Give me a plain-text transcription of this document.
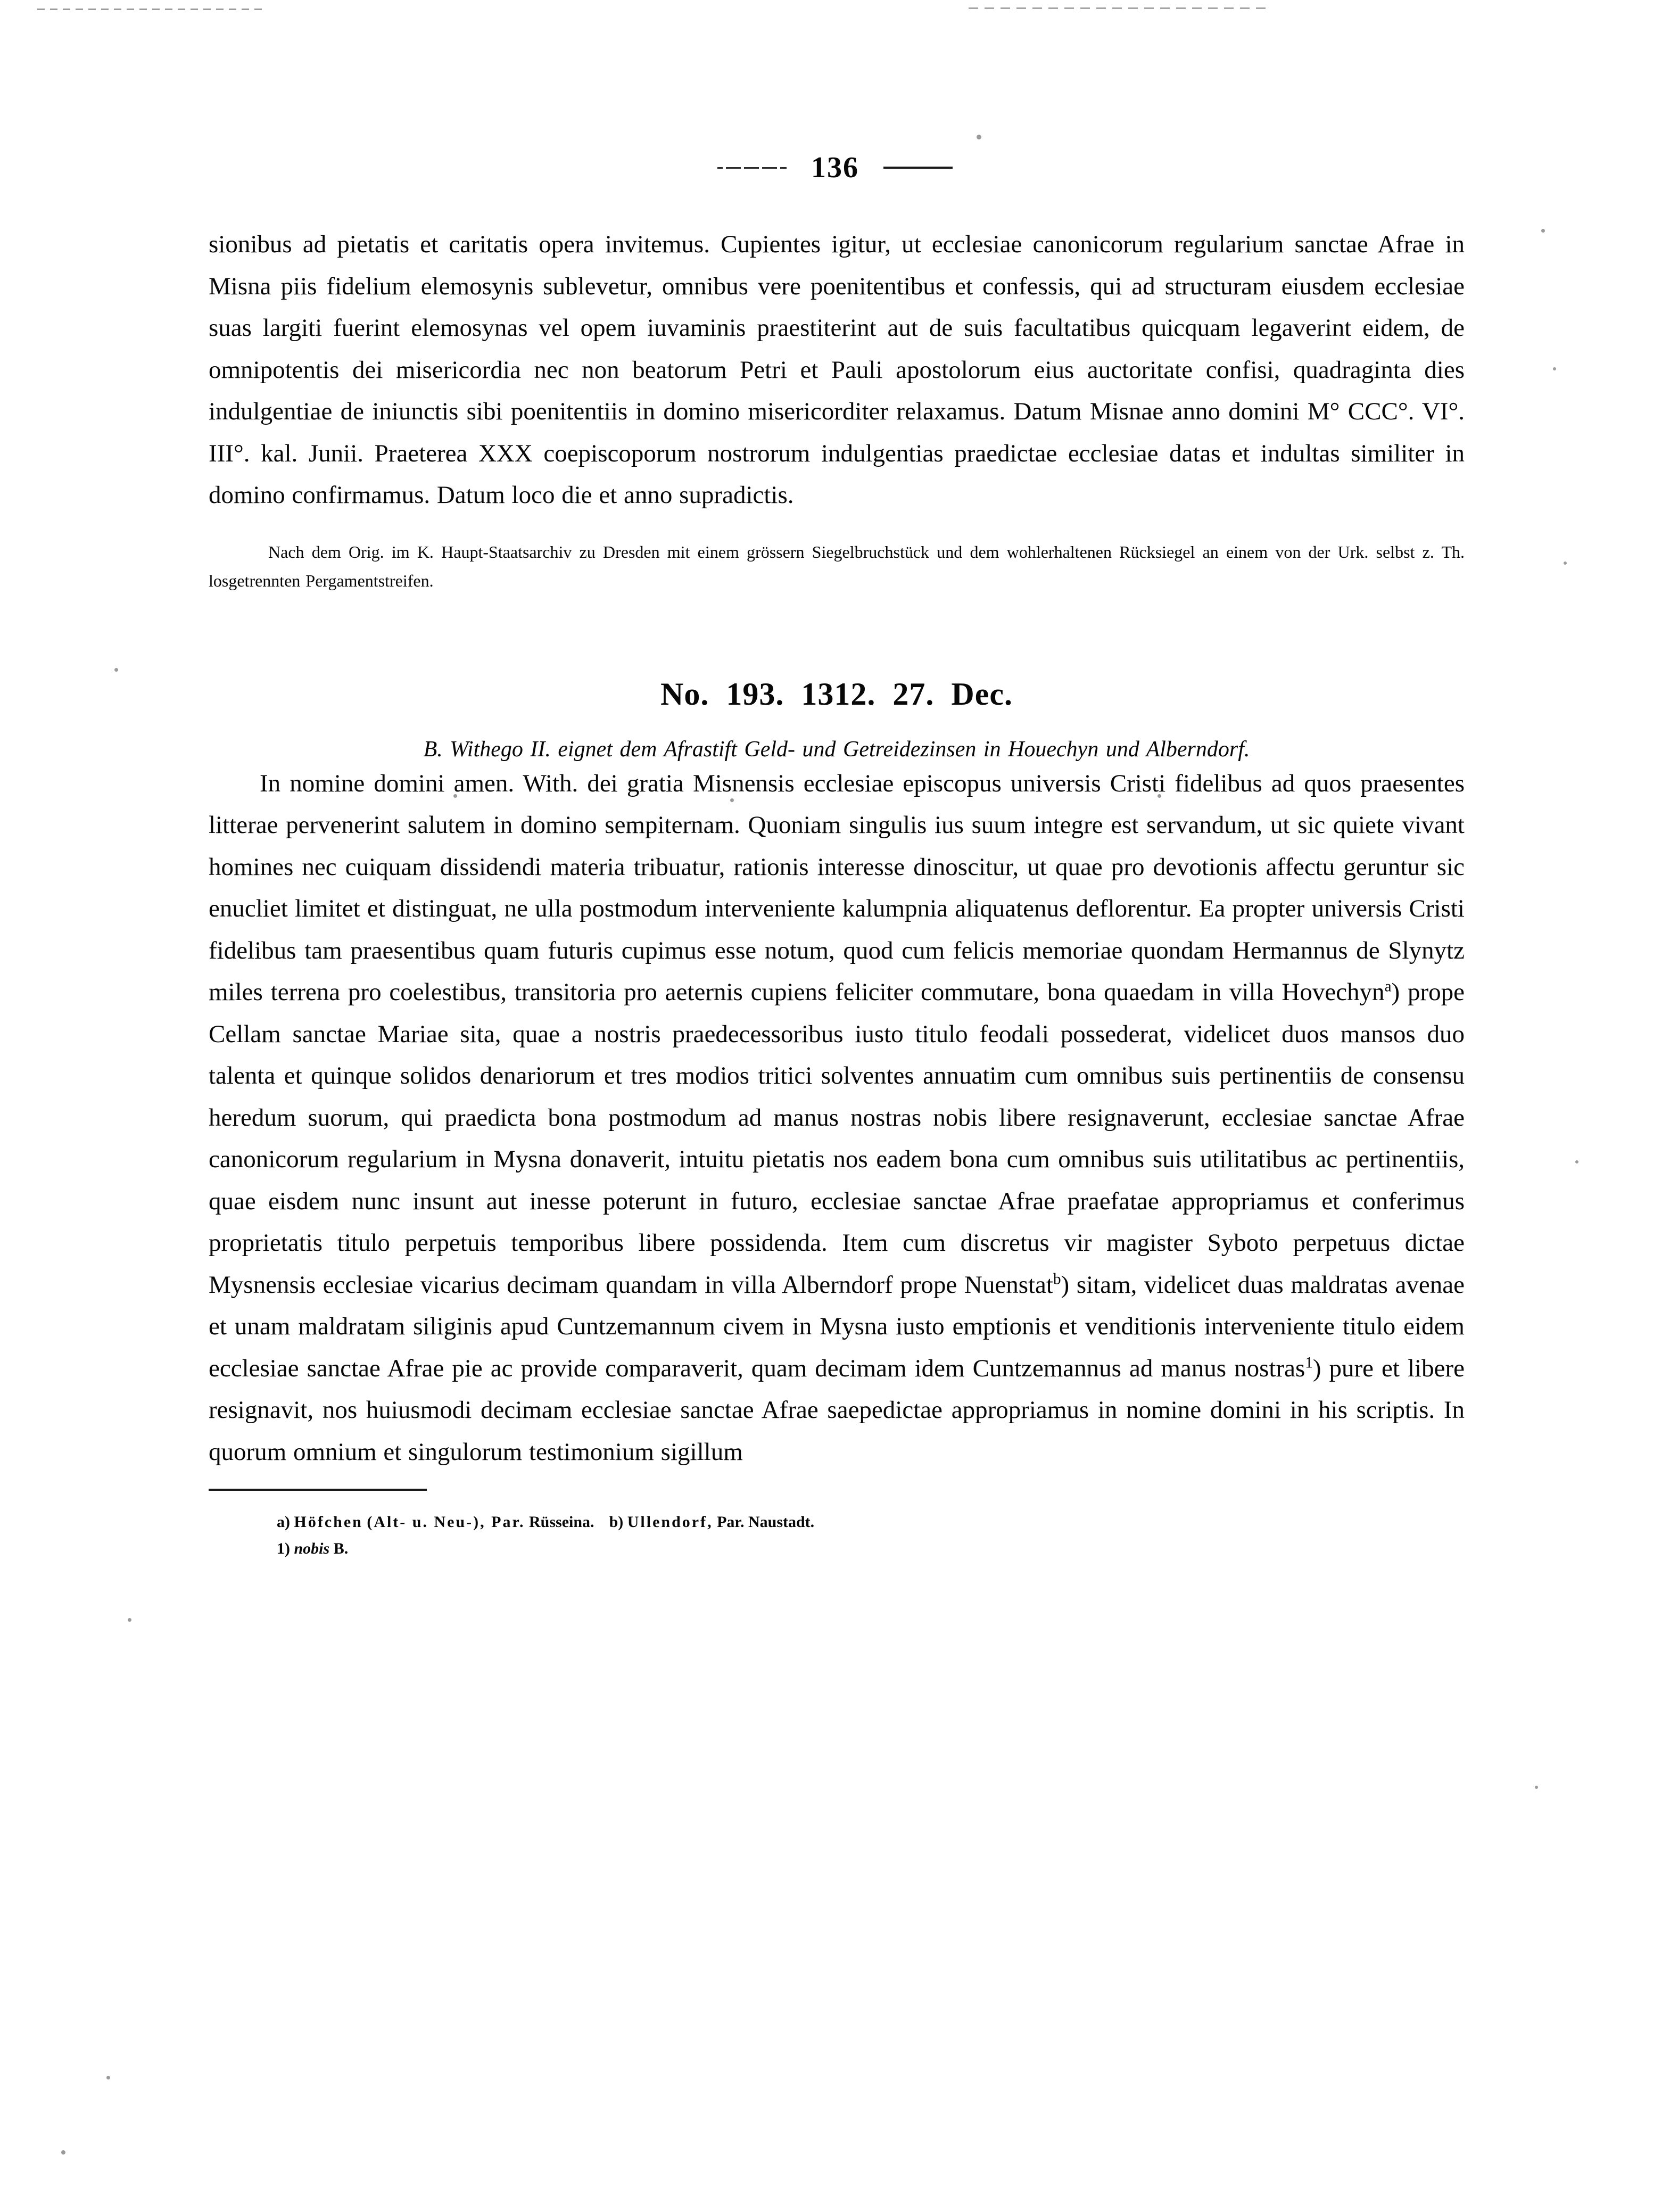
136

sionibus ad pietatis et caritatis opera invitemus. Cupientes igitur, ut ecclesiae canonicorum regularium sanctae Afrae in Misna piis fidelium elemosynis sublevetur, omnibus vere poenitentibus et confessis, qui ad structuram eiusdem ecclesiae suas largiti fuerint elemosynas vel opem iuvaminis praestiterint aut de suis facultatibus quicquam legaverint eidem, de omnipotentis dei misericordia nec non beatorum Petri et Pauli apostolorum eius auctoritate confisi, quadraginta dies indulgentiae de iniunctis sibi poenitentiis in domino misericorditer relaxamus. Datum Misnae anno domini M° CCC°. VI°. III°. kal. Junii. Praeterea XXX coepiscoporum nostrorum indulgentias praedictae ecclesiae datas et indultas similiter in domino confirmamus. Datum loco die et anno supradictis.

Nach dem Orig. im K. Haupt-Staatsarchiv zu Dresden mit einem grössern Siegelbruchstück und dem wohlerhaltenen Rücksiegel an einem von der Urk. selbst z. Th. losgetrennten Pergamentstreifen.

No. 193. 1312. 27. Dec.

B. Withego II. eignet dem Afrastift Geld- und Getreidezinsen in Houechyn und Alberndorf.

In nomine domini amen. With. dei gratia Misnensis ecclesiae episcopus universis Cristi fidelibus ad quos praesentes litterae pervenerint salutem in domino sempiternam. Quoniam singulis ius suum integre est servandum, ut sic quiete vivant homines nec cuiquam dissidendi materia tribuatur, rationis interesse dinoscitur, ut quae pro devotionis affectu geruntur sic enucliet limitet et distinguat, ne ulla postmodum interveniente kalumpnia aliquatenus deflorentur. Ea propter universis Cristi fidelibus tam praesentibus quam futuris cupimus esse notum, quod cum felicis memoriae quondam Hermannus de Slynytz miles terrena pro coelestibus, transitoria pro aeternis cupiens feliciter commutare, bona quaedam in villa Hovechyn$^a$) prope Cellam sanctae Mariae sita, quae a nostris praedecessoribus iusto titulo feodali possederat, videlicet duos mansos duo talenta et quinque solidos denariorum et tres modios tritici solventes annuatim cum omnibus suis pertinentiis de consensu heredum suorum, qui praedicta bona postmodum ad manus nostras nobis libere resignaverunt, ecclesiae sanctae Afrae canonicorum regularium in Mysna donaverit, intuitu pietatis nos eadem bona cum omnibus suis utilitatibus ac pertinentiis, quae eisdem nunc insunt aut inesse poterunt in futuro, ecclesiae sanctae Afrae praefatae appropriamus et conferimus proprietatis titulo perpetuis temporibus libere possidenda. Item cum discretus vir magister Syboto perpetuus dictae Mysnensis ecclesiae vicarius decimam quandam in villa Alberndorf prope Nuenstat$^b$) sitam, videlicet duas maldratas avenae et unam maldratam siliginis apud Cuntzemannum civem in Mysna iusto emptionis et venditionis interveniente titulo eidem ecclesiae sanctae Afrae pie ac provide comparaverit, quam decimam idem Cuntzemannus ad manus nostras$^1$) pure et libere resignavit, nos huiusmodi decimam ecclesiae sanctae Afrae saepedictae appropriamus in nomine domini in his scriptis. In quorum omnium et singulorum testimonium sigillum

a) Höfchen (Alt- u. Neu-), Par. Rüsseina. b) Ullendorf, Par. Naustadt.
1) nobis B.
